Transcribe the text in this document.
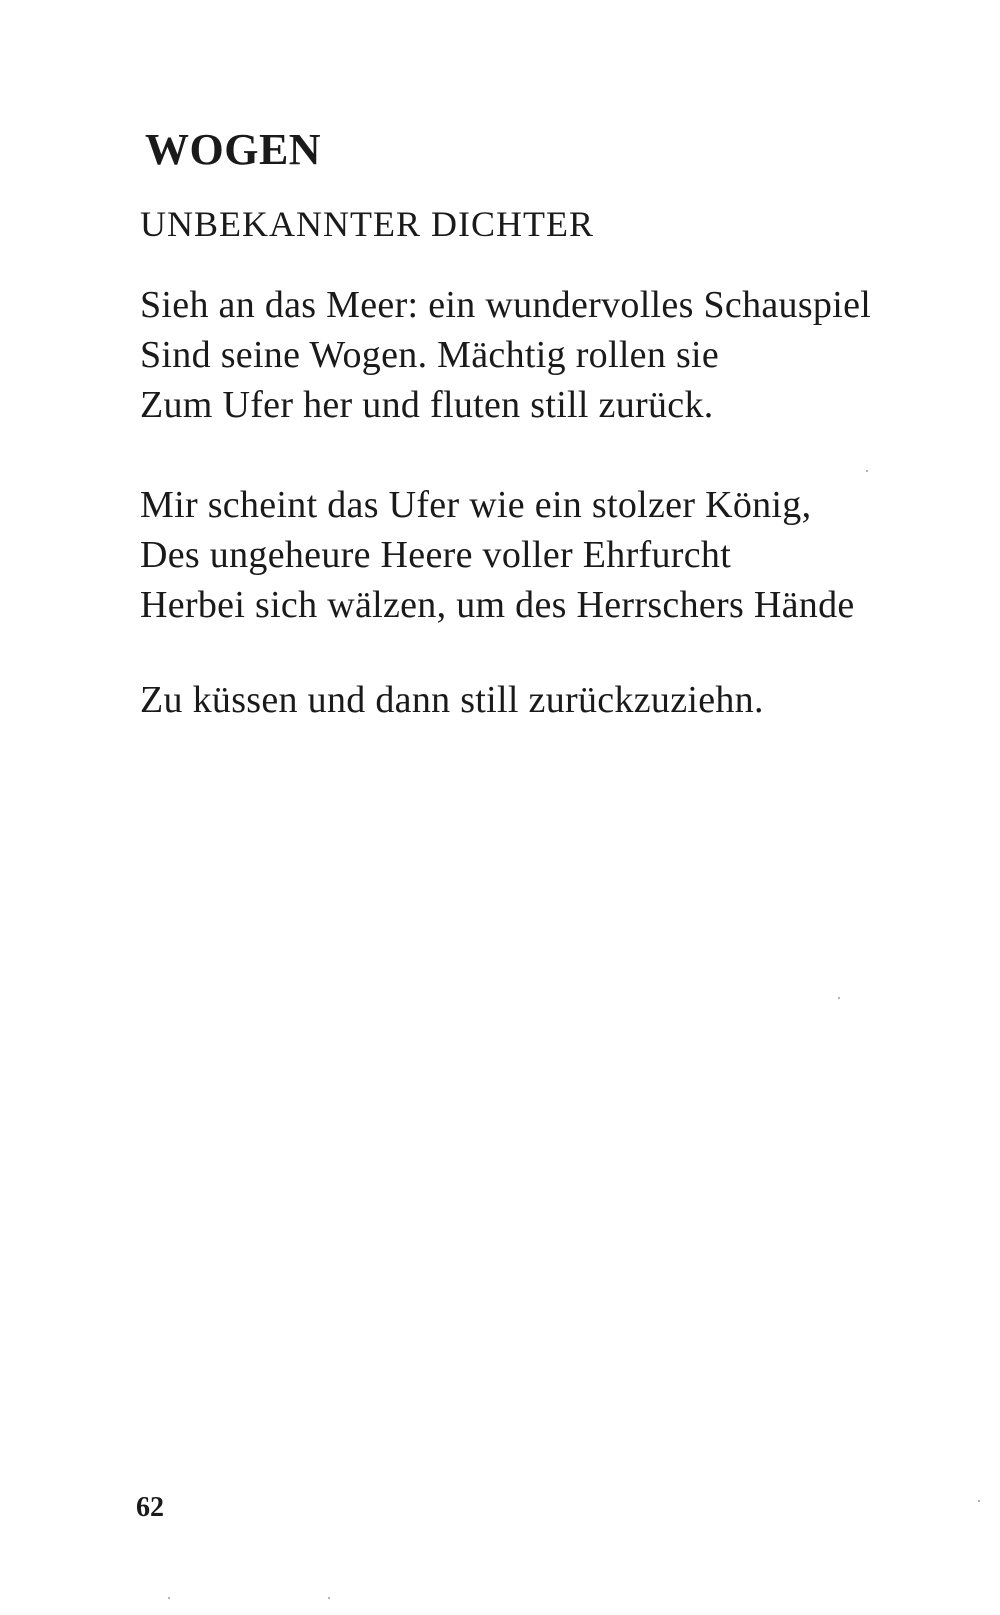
WOGEN
UNBEKANNTER DICHTER
Sieh an das Meer: ein wundervolles Schauspiel
Sind seine Wogen. Mächtig rollen sie
Zum Ufer her und fluten still zurück.
Mir scheint das Ufer wie ein stolzer König,
Des ungeheure Heere voller Ehrfurcht
Herbei sich wälzen, um des Herrschers Hände
Zu küssen und dann still zurückzuziehn.
62
